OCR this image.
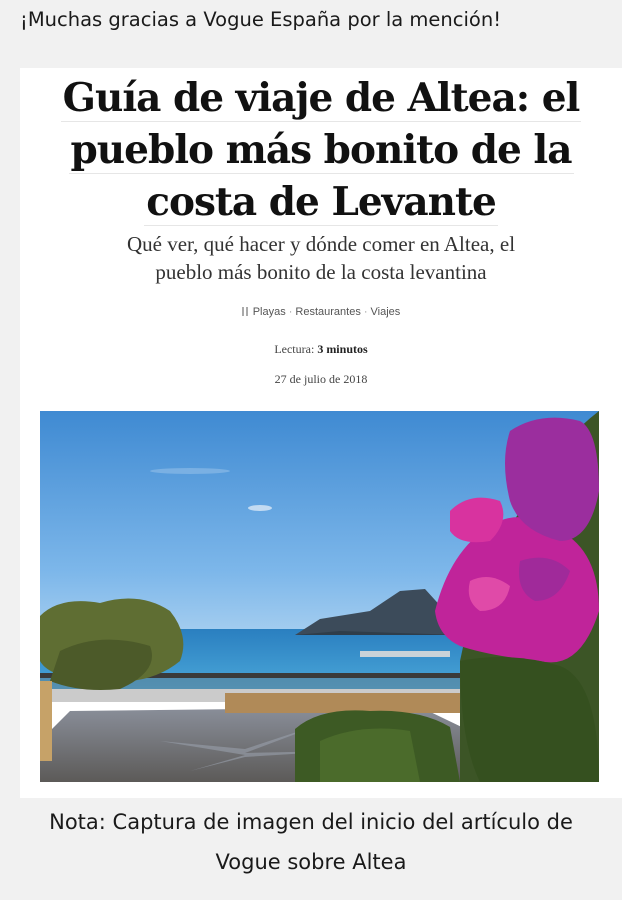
¡Muchas gracias a Vogue España por la mención!
Guía de viaje de Altea: el
pueblo más bonito de la
costa de Levante
Qué ver, qué hacer y dónde comer en Altea, el
pueblo más bonito de la costa levantina
Playas · Restaurantes · Viajes
Lectura: 3 minutos
27 de julio de 2018
Nota: Captura de imagen del inicio del artículo de
Vogue sobre Altea
